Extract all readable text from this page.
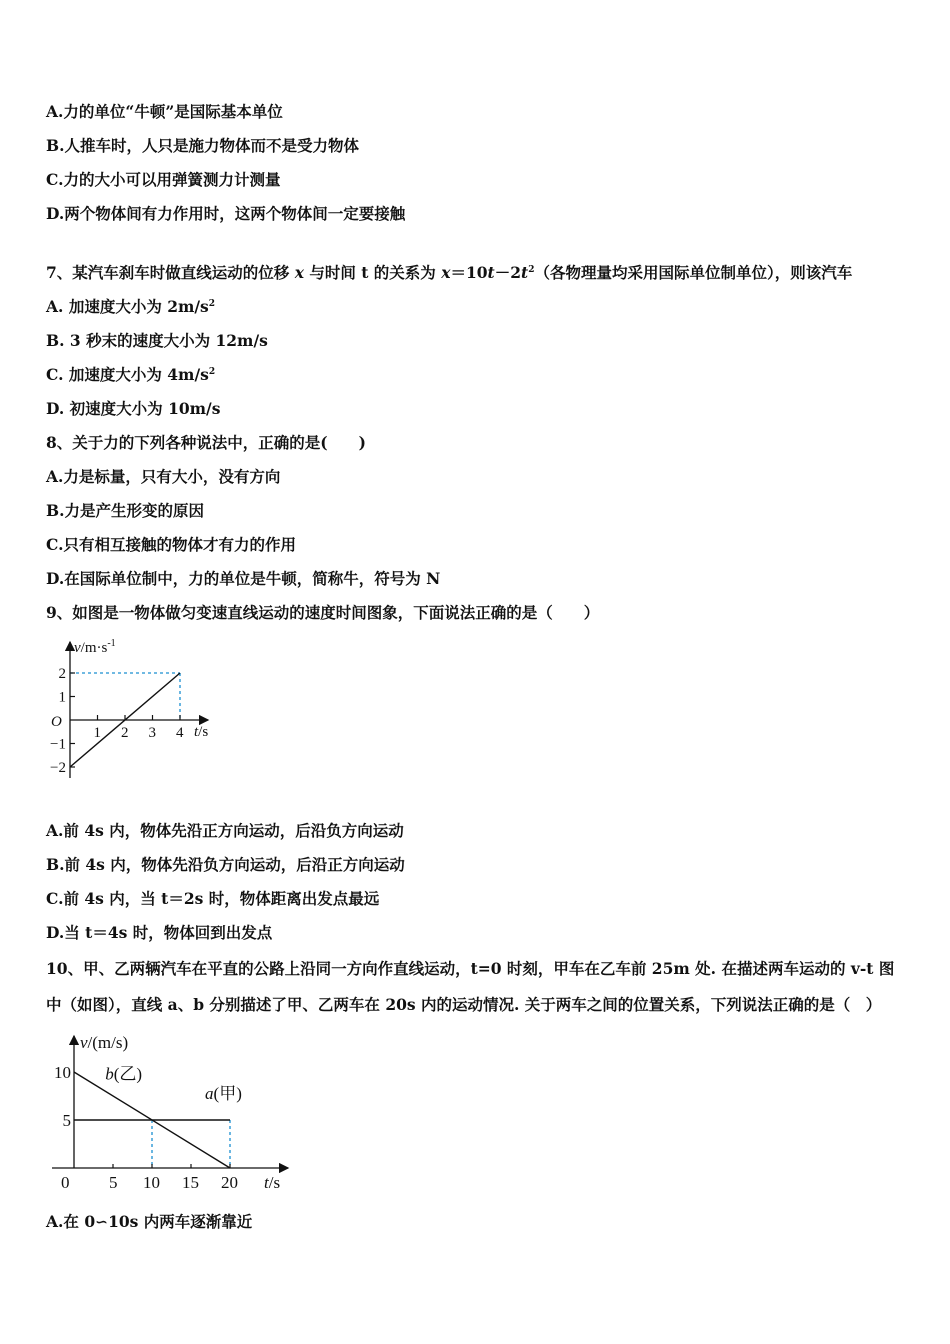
A.力的单位“牛顿”是国际基本单位
B.人推车时，人只是施力物体而不是受力物体
C.力的大小可以用弹簧测力计测量
D.两个物体间有力作用时，这两个物体间一定要接触
7、某汽车刹车时做直线运动的位移 x 与时间 t 的关系为 $x=10t-2t^2$（各物理量均采用国际单位制单位），则该汽车
A. 加速度大小为 $2m/s^2$
B. 3 秒末的速度大小为 12m/s
C. 加速度大小为 $4m/s^2$
D. 初速度大小为 10m/s
8、关于力的下列各种说法中，正确的是(　　)
A.力是标量，只有大小，没有方向
B.力是产生形变的原因
C.只有相互接触的物体才有力的作用
D.在国际单位制中，力的单位是牛顿，简称牛，符号为 N
9、如图是一物体做匀变速直线运动的速度时间图象，下面说法正确的是（　　）
$v/m\cdot s^{-1}$
t/s
O
1 2 3 4
2
1
−1
−2
A.前 4s 内，物体先沿正方向运动，后沿负方向运动
B.前 4s 内，物体先沿负方向运动，后沿正方向运动
C.前 4s 内，当 t＝2s 时，物体距离出发点最远
D.当 t＝4s 时，物体回到出发点
10、甲、乙两辆汽车在平直的公路上沿同一方向作直线运动，t=0 时刻，甲车在乙车前 25m 处. 在描述两车运动的 v-t 图
中（如图），直线 a、b 分别描述了甲、乙两车在 20s 内的运动情况. 关于两车之间的位置关系，下列说法正确的是（　）
v/(m/s)
t/s
0 5 10 15 20
10
5
b(乙)
a(甲)
A.在 0∽10s 内两车逐渐靠近
